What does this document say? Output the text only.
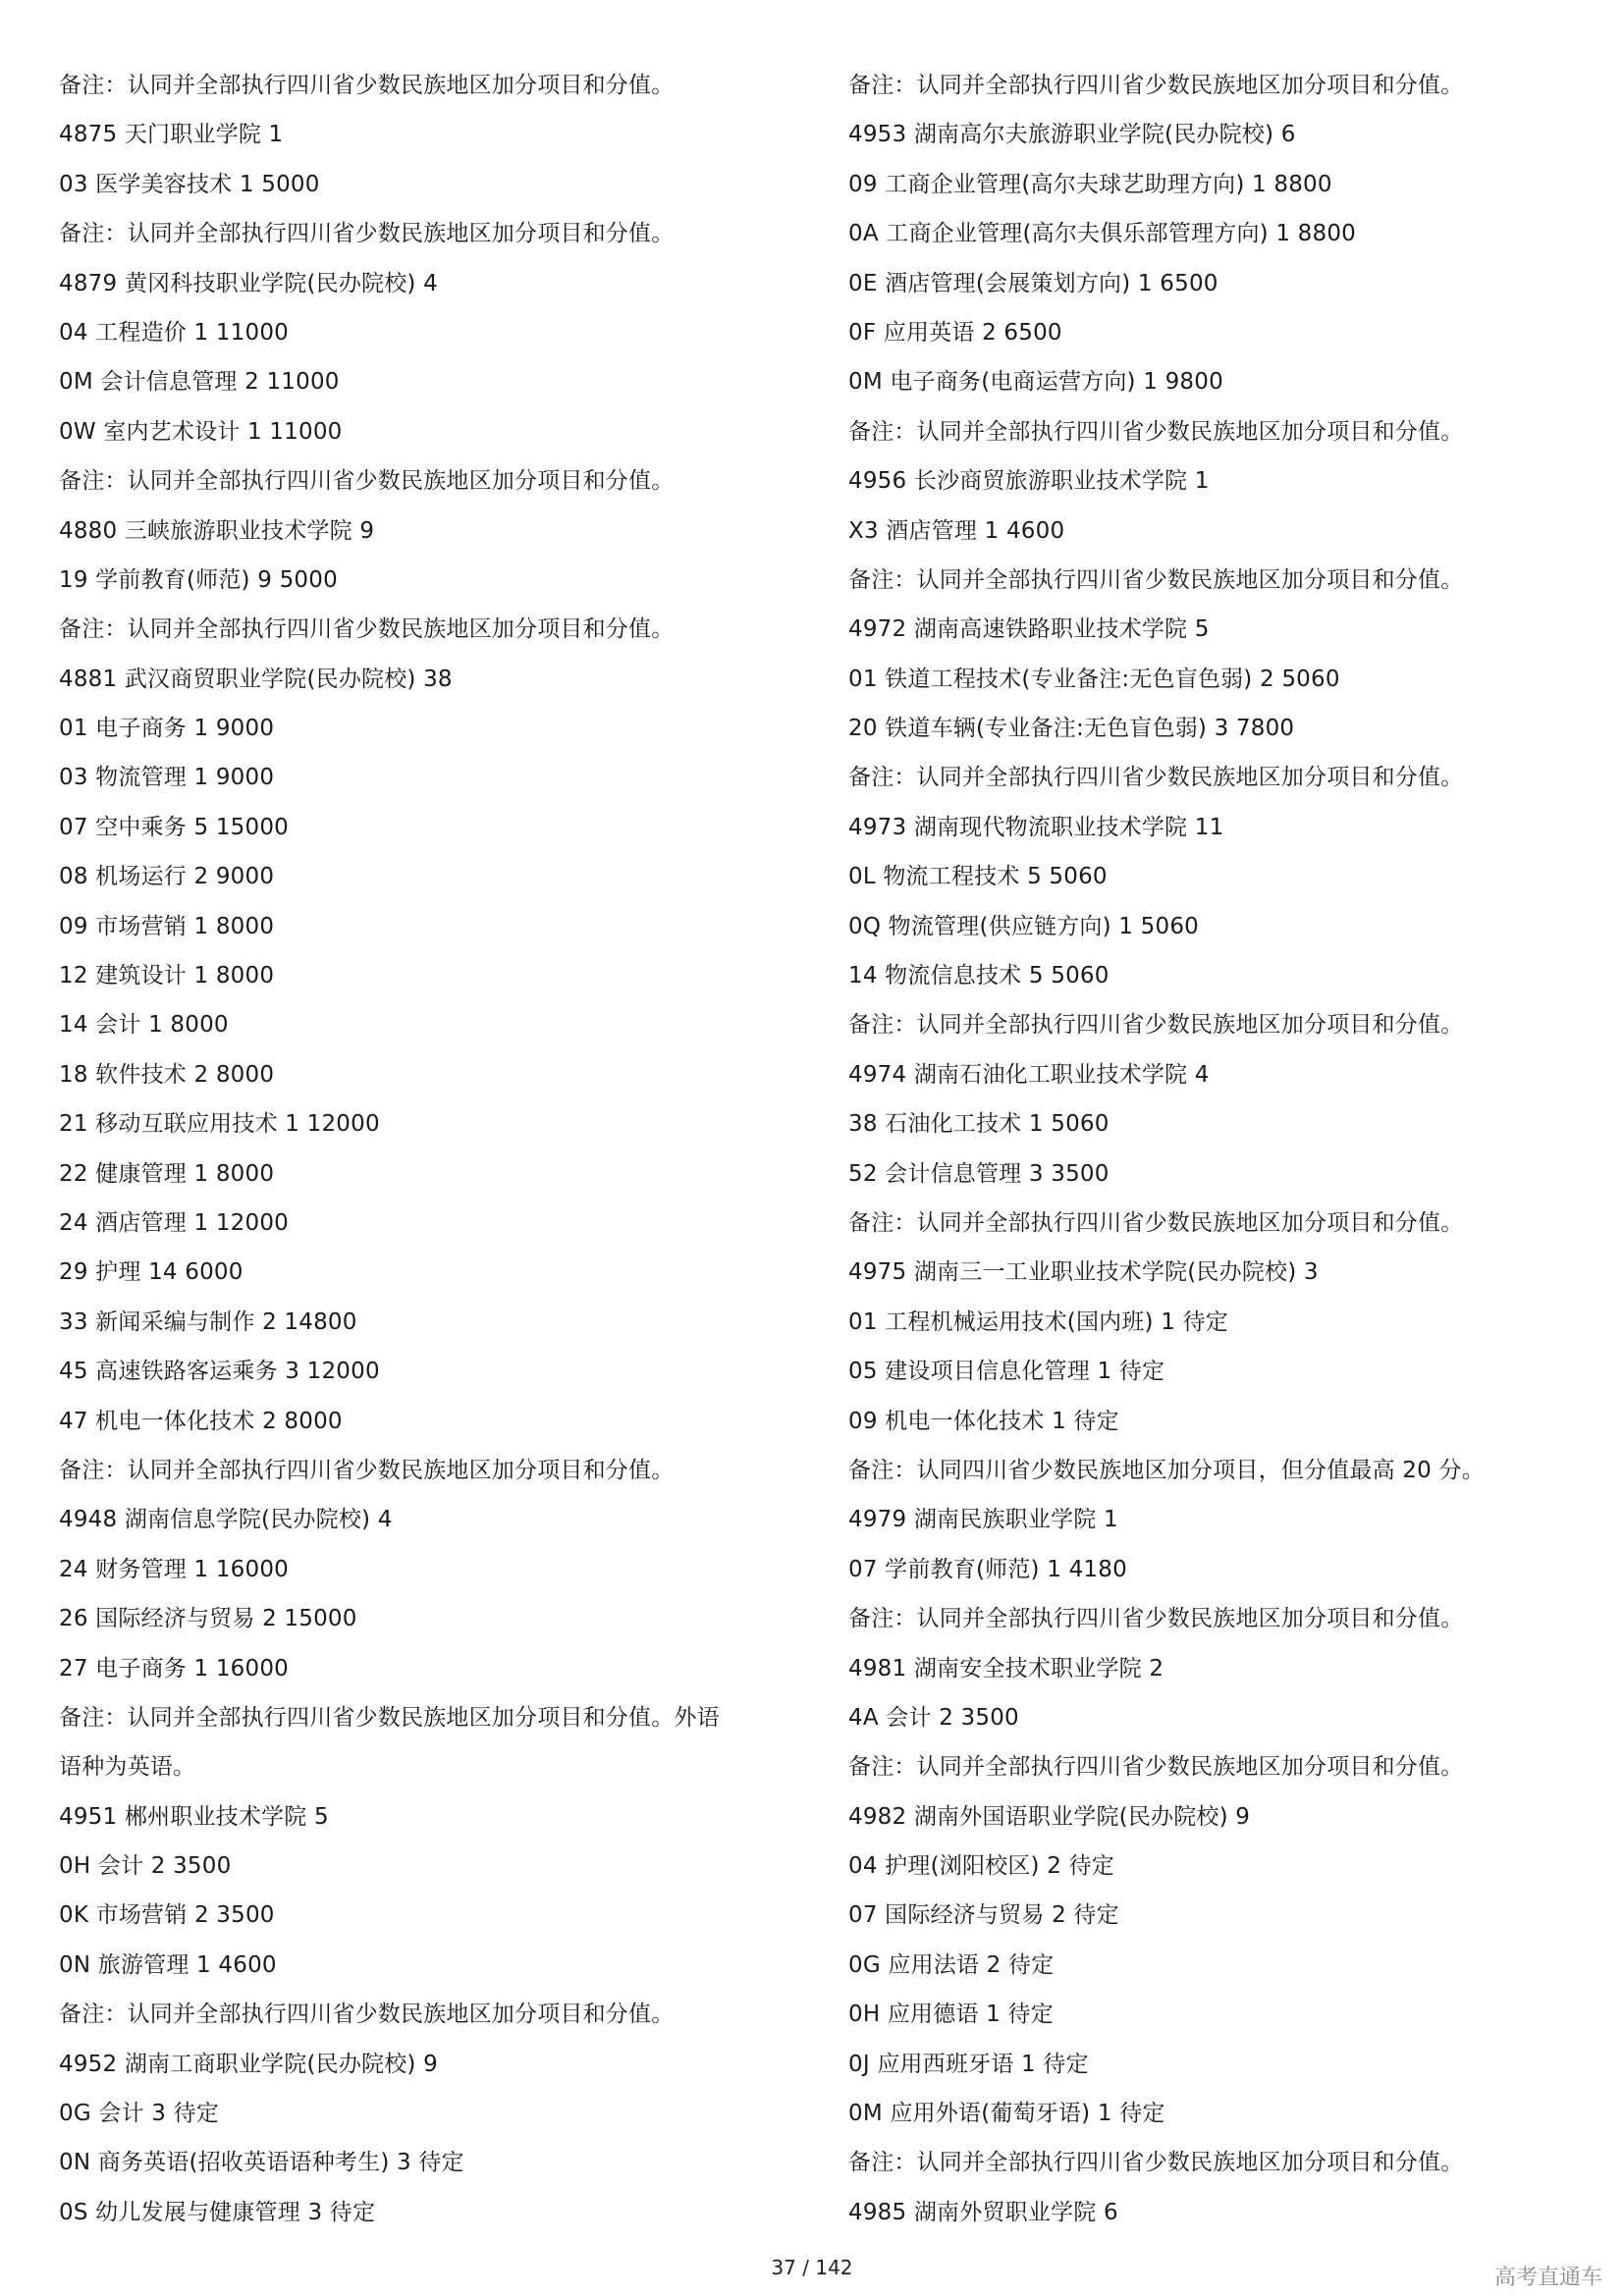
备注：认同并全部执行四川省少数民族地区加分项目和分值。
4875 天门职业学院 1
03 医学美容技术 1 5000
备注：认同并全部执行四川省少数民族地区加分项目和分值。
4879 黄冈科技职业学院(民办院校) 4
04 工程造价 1 11000
0M 会计信息管理 2 11000
0W 室内艺术设计 1 11000
备注：认同并全部执行四川省少数民族地区加分项目和分值。
4880 三峡旅游职业技术学院 9
19 学前教育(师范) 9 5000
备注：认同并全部执行四川省少数民族地区加分项目和分值。
4881 武汉商贸职业学院(民办院校) 38
01 电子商务 1 9000
03 物流管理 1 9000
07 空中乘务 5 15000
08 机场运行 2 9000
09 市场营销 1 8000
12 建筑设计 1 8000
14 会计 1 8000
18 软件技术 2 8000
21 移动互联应用技术 1 12000
22 健康管理 1 8000
24 酒店管理 1 12000
29 护理 14 6000
33 新闻采编与制作 2 14800
45 高速铁路客运乘务 3 12000
47 机电一体化技术 2 8000
备注：认同并全部执行四川省少数民族地区加分项目和分值。
4948 湖南信息学院(民办院校) 4
24 财务管理 1 16000
26 国际经济与贸易 2 15000
27 电子商务 1 16000
备注：认同并全部执行四川省少数民族地区加分项目和分值。外语
语种为英语。
4951 郴州职业技术学院 5
0H 会计 2 3500
0K 市场营销 2 3500
0N 旅游管理 1 4600
备注：认同并全部执行四川省少数民族地区加分项目和分值。
4952 湖南工商职业学院(民办院校) 9
0G 会计 3 待定
0N 商务英语(招收英语语种考生) 3 待定
0S 幼儿发展与健康管理 3 待定
备注：认同并全部执行四川省少数民族地区加分项目和分值。
4953 湖南高尔夫旅游职业学院(民办院校) 6
09 工商企业管理(高尔夫球艺助理方向) 1 8800
0A 工商企业管理(高尔夫俱乐部管理方向) 1 8800
0E 酒店管理(会展策划方向) 1 6500
0F 应用英语 2 6500
0M 电子商务(电商运营方向) 1 9800
备注：认同并全部执行四川省少数民族地区加分项目和分值。
4956 长沙商贸旅游职业技术学院 1
X3 酒店管理 1 4600
备注：认同并全部执行四川省少数民族地区加分项目和分值。
4972 湖南高速铁路职业技术学院 5
01 铁道工程技术(专业备注:无色盲色弱) 2 5060
20 铁道车辆(专业备注:无色盲色弱) 3 7800
备注：认同并全部执行四川省少数民族地区加分项目和分值。
4973 湖南现代物流职业技术学院 11
0L 物流工程技术 5 5060
0Q 物流管理(供应链方向) 1 5060
14 物流信息技术 5 5060
备注：认同并全部执行四川省少数民族地区加分项目和分值。
4974 湖南石油化工职业技术学院 4
38 石油化工技术 1 5060
52 会计信息管理 3 3500
备注：认同并全部执行四川省少数民族地区加分项目和分值。
4975 湖南三一工业职业技术学院(民办院校) 3
01 工程机械运用技术(国内班) 1 待定
05 建设项目信息化管理 1 待定
09 机电一体化技术 1 待定
备注：认同四川省少数民族地区加分项目，但分值最高 20 分。
4979 湖南民族职业学院 1
07 学前教育(师范) 1 4180
备注：认同并全部执行四川省少数民族地区加分项目和分值。
4981 湖南安全技术职业学院 2
4A 会计 2 3500
备注：认同并全部执行四川省少数民族地区加分项目和分值。
4982 湖南外国语职业学院(民办院校) 9
04 护理(浏阳校区) 2 待定
07 国际经济与贸易 2 待定
0G 应用法语 2 待定
0H 应用德语 1 待定
0J 应用西班牙语 1 待定
0M 应用外语(葡萄牙语) 1 待定
备注：认同并全部执行四川省少数民族地区加分项目和分值。
4985 湖南外贸职业学院 6
37 / 142	高考直通车
